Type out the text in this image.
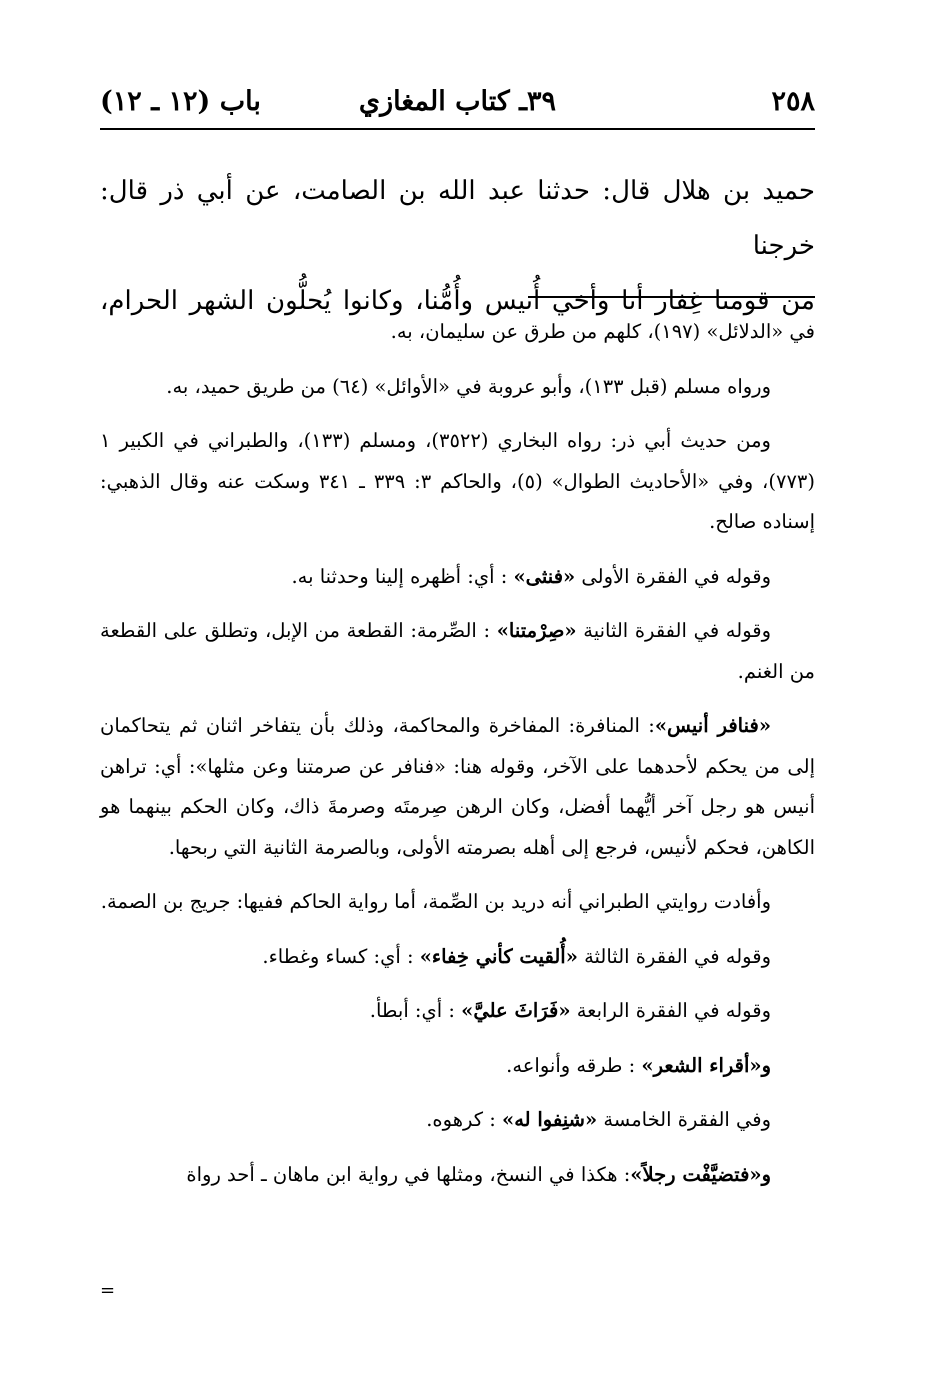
٢٥٨
٣٩ـ كتاب المغازي
باب (١٢ ـ ١٢)

حميد بن هلال قال: حدثنا عبد الله بن الصامت، عن أبي ذر قال: خرجنا

من قومنا غِفار أنا وأخي أُنيس وأُمُّنا، وكانوا يُحلُّون الشهر الحرام،

في «الدلائل» (١٩٧)، كلهم من طرق عن سليمان، به.

ورواه مسلم (قبل ١٣٣)، وأبو عروبة في «الأوائل» (٦٤) من طريق حميد، به.

ومن حديث أبي ذر: رواه البخاري (٣٥٢٢)، ومسلم (١٣٣)، والطبراني في الكبير ١ (٧٧٣)، وفي «الأحاديث الطوال» (٥)، والحاكم ٣: ٣٣٩ ـ ٣٤١ وسكت عنه وقال الذهبي: إسناده صالح.

وقوله في الفقرة الأولى «فنثى» : أي: أظهره إلينا وحدثنا به.

وقوله في الفقرة الثانية «صِرْمتنا» : الصِّرمة: القطعة من الإبل، وتطلق على القطعة من الغنم.

«فنافر أنيس»: المنافرة: المفاخرة والمحاكمة، وذلك بأن يتفاخر اثنان ثم يتحاكمان إلى من يحكم لأحدهما على الآخر، وقوله هنا: «فنافر عن صرمتنا وعن مثلها»: أي: تراهن أنيس هو رجل آخر أيُّهما أفضل، وكان الرهن صِرمتَه وصرمةَ ذاك، وكان الحكم بينهما هو الكاهن، فحكم لأنيس، فرجع إلى أهله بصرمته الأولى، وبالصرمة الثانية التي ربحها.

وأفادت روايتي الطبراني أنه دريد بن الصِّمة، أما رواية الحاكم ففيها: جريج بن الصمة.

وقوله في الفقرة الثالثة «أُلقيت كأني خِفاء» : أي: كساء وغطاء.

وقوله في الفقرة الرابعة «فَرَاثَ عليَّ» : أي: أبطأ.

و«أقراء الشعر» : طرقه وأنواعه.

وفي الفقرة الخامسة «شنِفوا له» : كرهوه.

و«فتضيَّفْت رجلاً»: هكذا في النسخ، ومثلها في رواية ابن ماهان ـ أحد رواة

=
